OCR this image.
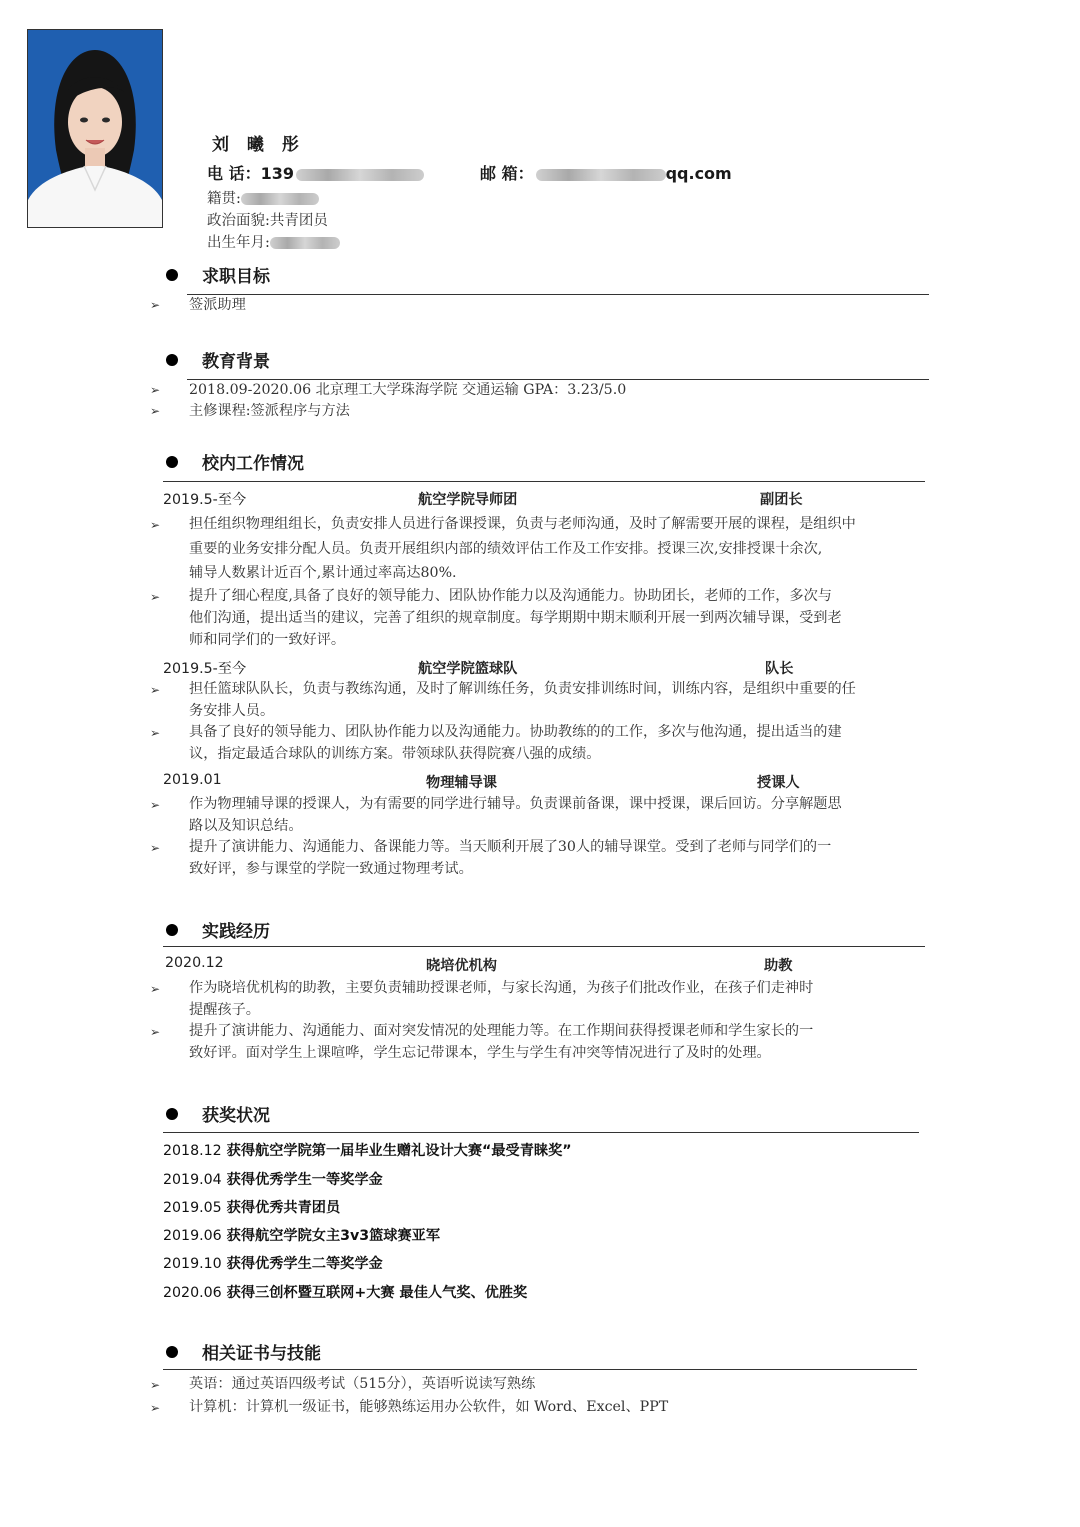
刘 曦 彤
电 话：139	邮 箱：	qq.com
籍贯:
政治面貌:共青团员
出生年月:
求职目标
➢ 签派助理
教育背景
➢ 2018.09-2020.06 北京理工大学珠海学院 交通运输 GPA：3.23/5.0
➢ 主修课程:签派程序与方法
校内工作情况
2019.5-至今	航空学院导师团	副团长
➢ 担任组织物理组组长，负责安排人员进行备课授课，负责与老师沟通，及时了解需要开展的课程，是组织中
重要的业务安排分配人员。负责开展组织内部的绩效评估工作及工作安排。授课三次,安排授课十余次,
辅导人数累计近百个,累计通过率高达80%.
➢ 提升了细心程度,具备了良好的领导能力、团队协作能力以及沟通能力。协助团长，老师的工作，多次与
他们沟通，提出适当的建议，完善了组织的规章制度。每学期期中期末顺利开展一到两次辅导课，受到老
师和同学们的一致好评。
2019.5-至今	航空学院篮球队	队长
➢ 担任篮球队队长，负责与教练沟通，及时了解训练任务，负责安排训练时间，训练内容，是组织中重要的任
务安排人员。
➢ 具备了良好的领导能力、团队协作能力以及沟通能力。协助教练的的工作，多次与他沟通，提出适当的建
议，指定最适合球队的训练方案。带领球队获得院赛八强的成绩。
2019.01	物理辅导课	授课人
➢ 作为物理辅导课的授课人，为有需要的同学进行辅导。负责课前备课，课中授课，课后回访。分享解题思
路以及知识总结。
➢ 提升了演讲能力、沟通能力、备课能力等。当天顺利开展了30人的辅导课堂。受到了老师与同学们的一
致好评，参与课堂的学院一致通过物理考试。
实践经历
2020.12	晓培优机构	助教
➢ 作为晓培优机构的助教，主要负责辅助授课老师，与家长沟通，为孩子们批改作业，在孩子们走神时
提醒孩子。
➢ 提升了演讲能力、沟通能力、面对突发情况的处理能力等。在工作期间获得授课老师和学生家长的一
致好评。面对学生上课喧哗，学生忘记带课本，学生与学生有冲突等情况进行了及时的处理。
获奖状况
2018.12 获得航空学院第一届毕业生赠礼设计大赛“最受青睐奖”
2019.04 获得优秀学生一等奖学金
2019.05 获得优秀共青团员
2019.06 获得航空学院女主3v3篮球赛亚军
2019.10 获得优秀学生二等奖学金
2020.06 获得三创杯暨互联网+大赛 最佳人气奖、优胜奖
相关证书与技能
➢ 英语：通过英语四级考试（515分），英语听说读写熟练
➢ 计算机：计算机一级证书，能够熟练运用办公软件，如 Word、Excel、PPT
